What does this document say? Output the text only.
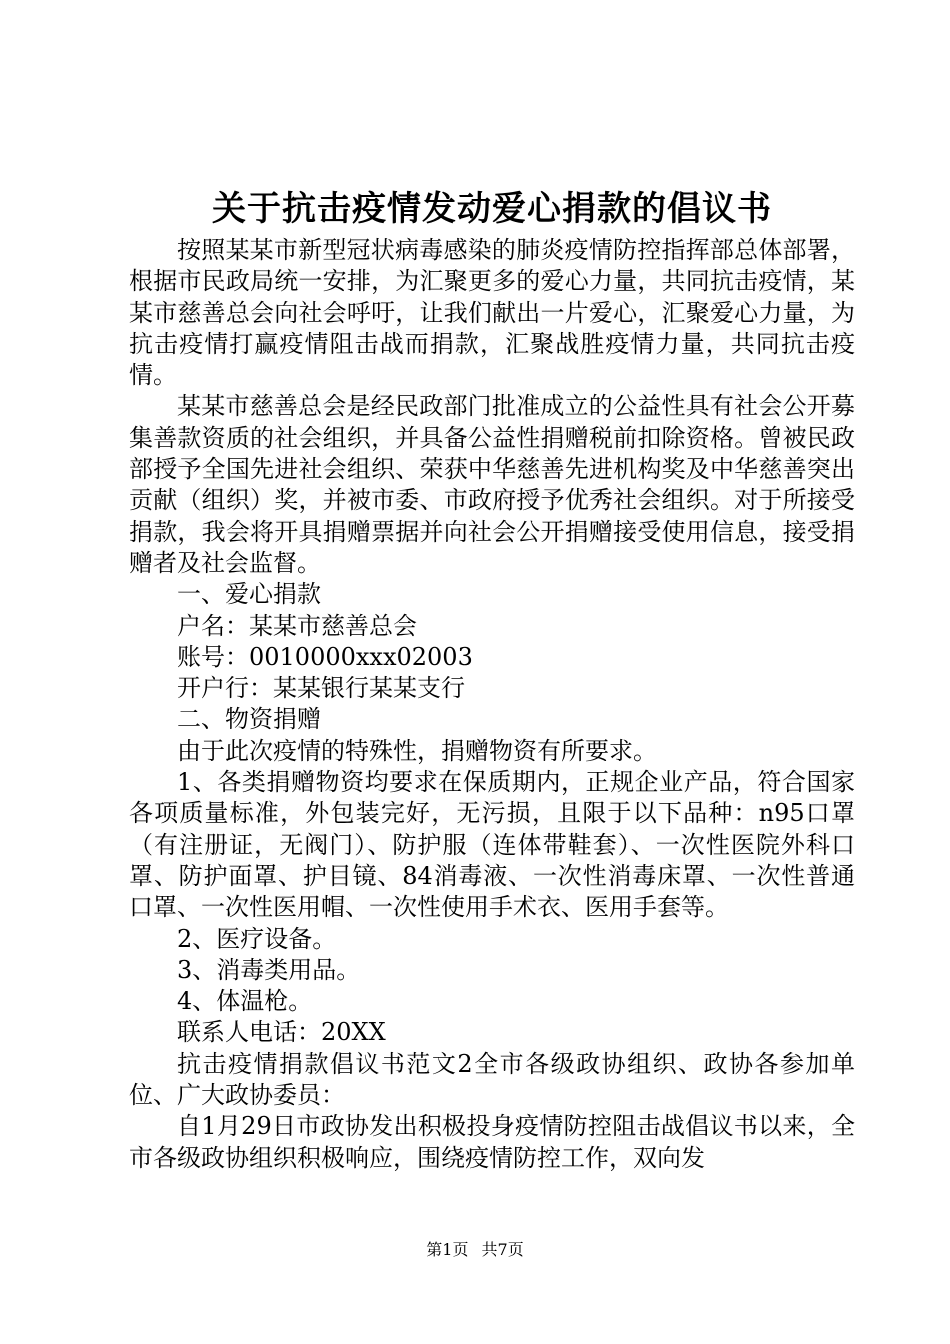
关于抗击疫情发动爱心捐款的倡议书

按照某某市新型冠状病毒感染的肺炎疫情防控指挥部总体部署，根据市民政局统一安排，为汇聚更多的爱心力量，共同抗击疫情，某某市慈善总会向社会呼吁，让我们献出一片爱心，汇聚爱心力量，为抗击疫情打赢疫情阻击战而捐款，汇聚战胜疫情力量，共同抗击疫情。

某某市慈善总会是经民政部门批准成立的公益性具有社会公开募集善款资质的社会组织，并具备公益性捐赠税前扣除资格。曾被民政部授予全国先进社会组织、荣获中华慈善先进机构奖及中华慈善突出贡献（组织）奖，并被市委、市政府授予优秀社会组织。对于所接受捐款，我会将开具捐赠票据并向社会公开捐赠接受使用信息，接受捐赠者及社会监督。

一、爱心捐款

户名：某某市慈善总会

账号：0010000xxx02003

开户行：某某银行某某支行

二、物资捐赠

由于此次疫情的特殊性，捐赠物资有所要求。

1、各类捐赠物资均要求在保质期内，正规企业产品，符合国家各项质量标准，外包装完好，无污损，且限于以下品种：n95口罩（有注册证，无阀门）、防护服（连体带鞋套）、一次性医院外科口罩、防护面罩、护目镜、84消毒液、一次性消毒床罩、一次性普通口罩、一次性医用帽、一次性使用手术衣、医用手套等。

2、医疗设备。

3、消毒类用品。

4、体温枪。

联系人电话：20XX

抗击疫情捐款倡议书范文2全市各级政协组织、政协各参加单位、广大政协委员：

自1月29日市政协发出积极投身疫情防控阻击战倡议书以来，全市各级政协组织积极响应，围绕疫情防控工作，双向发

第1页 共7页
